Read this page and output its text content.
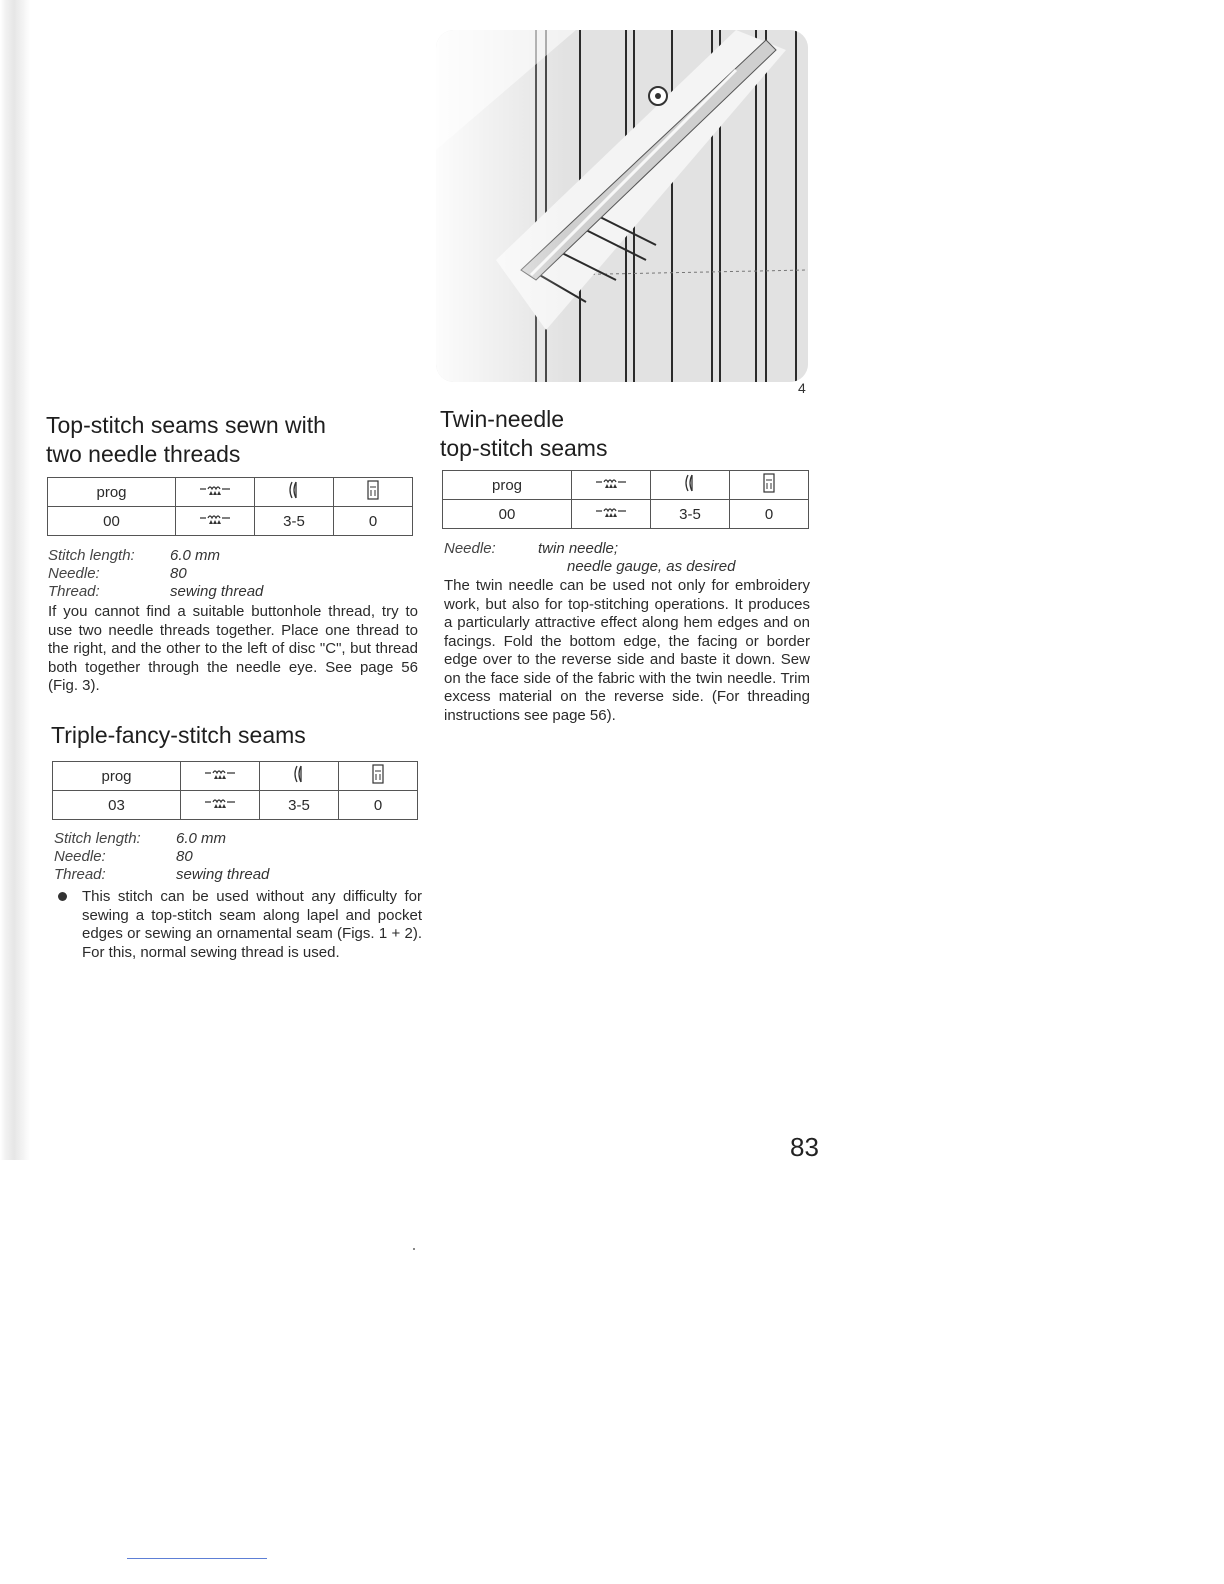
Top-stitch seams sewn with
two needle threads
prog			
00		3-5	0
Stitch length:	6.0 mm
Needle:	80
Thread:	sewing thread

If you cannot find a suitable buttonhole thread, try to use two needle threads together. Place one thread to the right, and the other to the left of disc "C", but thread both together through the needle eye. See page 56 (Fig. 3).

Triple-fancy-stitch seams
prog			
03		3-5	0
Stitch length:	6.0 mm
Needle:	80
Thread:	sewing thread

This stitch can be used without any difficulty for sewing a top-stitch seam along lapel and pocket edges or sewing an ornamental seam (Figs. 1 + 2). For this, normal sewing thread is used.

4
Twin-needle
top-stitch seams
prog			
00		3-5	0
Needle:	twin needle;
needle gauge, as desired

The twin needle can be used not only for embroidery work, but also for top-stitching operations. It produces a particularly attractive effect along hem edges and on facings. Fold the bottom edge, the facing or border edge over to the reverse side and baste it down. Sew on the face side of the fabric with the twin needle. Trim excess material on the reverse side. (For threading instructions see page 56).

83
